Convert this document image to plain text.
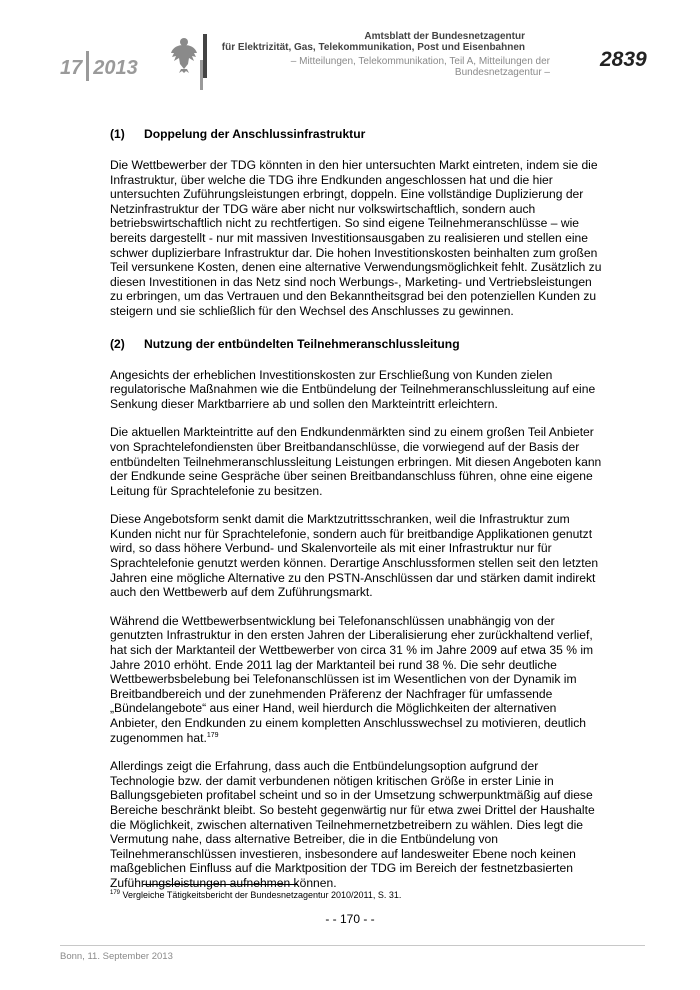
17 2013
Amtsblatt der Bundesnetzagentur
für Elektrizität, Gas, Telekommunikation, Post und Eisenbahnen
– Mitteilungen, Telekommunikation, Teil A, Mitteilungen der Bundesnetzagentur –
2839
(1) Doppelung der Anschlussinfrastruktur

Die Wettbewerber der TDG könnten in den hier untersuchten Markt eintreten, indem sie die Infrastruktur, über welche die TDG ihre Endkunden angeschlossen hat und die hier untersuchten Zuführungsleistungen erbringt, doppeln. Eine vollständige Duplizierung der Netzinfrastruktur der TDG wäre aber nicht nur volkswirtschaftlich, sondern auch betriebswirtschaftlich nicht zu rechtfertigen. So sind eigene Teilnehmeranschlüsse – wie bereits dargestellt - nur mit massiven Investitionsausgaben zu realisieren und stellen eine schwer duplizierbare Infrastruktur dar. Die hohen Investitionskosten beinhalten zum großen Teil versunkene Kosten, denen eine alternative Verwendungsmöglichkeit fehlt. Zusätzlich zu diesen Investitionen in das Netz sind noch Werbungs-, Marketing- und Vertriebsleistungen zu erbringen, um das Vertrauen und den Bekanntheitsgrad bei den potenziellen Kunden zu steigern und sie schließlich für den Wechsel des Anschlusses zu gewinnen.

(2) Nutzung der entbündelten Teilnehmeranschlussleitung

Angesichts der erheblichen Investitionskosten zur Erschließung von Kunden zielen regulatorische Maßnahmen wie die Entbündelung der Teilnehmeranschlussleitung auf eine Senkung dieser Marktbarriere ab und sollen den Markteintritt erleichtern.

Die aktuellen Markteintritte auf den Endkundenmärkten sind zu einem großen Teil Anbieter von Sprachtelefondiensten über Breitbandanschlüsse, die vorwiegend auf der Basis der entbündelten Teilnehmeranschlussleitung Leistungen erbringen. Mit diesen Angeboten kann der Endkunde seine Gespräche über seinen Breitbandanschluss führen, ohne eine eigene Leitung für Sprachtelefonie zu besitzen.

Diese Angebotsform senkt damit die Marktzutrittsschranken, weil die Infrastruktur zum Kunden nicht nur für Sprachtelefonie, sondern auch für breitbandige Applikationen genutzt wird, so dass höhere Verbund- und Skalenvorteile als mit einer Infrastruktur nur für Sprachtelefonie genutzt werden können. Derartige Anschlussformen stellen seit den letzten Jahren eine mögliche Alternative zu den PSTN-Anschlüssen dar und stärken damit indirekt auch den Wettbewerb auf dem Zuführungsmarkt.

Während die Wettbewerbsentwicklung bei Telefonanschlüssen unabhängig von der genutzten Infrastruktur in den ersten Jahren der Liberalisierung eher zurückhaltend verlief, hat sich der Marktanteil der Wettbewerber von circa 31 % im Jahre 2009 auf etwa 35 % im Jahre 2010 erhöht. Ende 2011 lag der Marktanteil bei rund 38 %. Die sehr deutliche Wettbewerbsbelebung bei Telefonanschlüssen ist im Wesentlichen von der Dynamik im Breitbandbereich und der zunehmenden Präferenz der Nachfrager für umfassende „Bündelangebote“ aus einer Hand, weil hierdurch die Möglichkeiten der alternativen Anbieter, den Endkunden zu einem kompletten Anschlusswechsel zu motivieren, deutlich zugenommen hat.$^{179}$

Allerdings zeigt die Erfahrung, dass auch die Entbündelungsoption aufgrund der Technologie bzw. der damit verbundenen nötigen kritischen Größe in erster Linie in Ballungsgebieten profitabel scheint und so in der Umsetzung schwerpunktmäßig auf diese Bereiche beschränkt bleibt. So besteht gegenwärtig nur für etwa zwei Drittel der Haushalte die Möglichkeit, zwischen alternativen Teilnehmernetzbetreibern zu wählen. Dies legt die Vermutung nahe, dass alternative Betreiber, die in die Entbündelung von Teilnehmeranschlüssen investieren, insbesondere auf landesweiter Ebene noch keinen maßgeblichen Einfluss auf die Marktposition der TDG im Bereich der festnetzbasierten Zuführungsleistungen aufnehmen können.

$^{179}$ Vergleiche Tätigkeitsbericht der Bundesnetzagentur 2010/2011, S. 31.
- - 170 - -
Bonn, 11. September 2013
